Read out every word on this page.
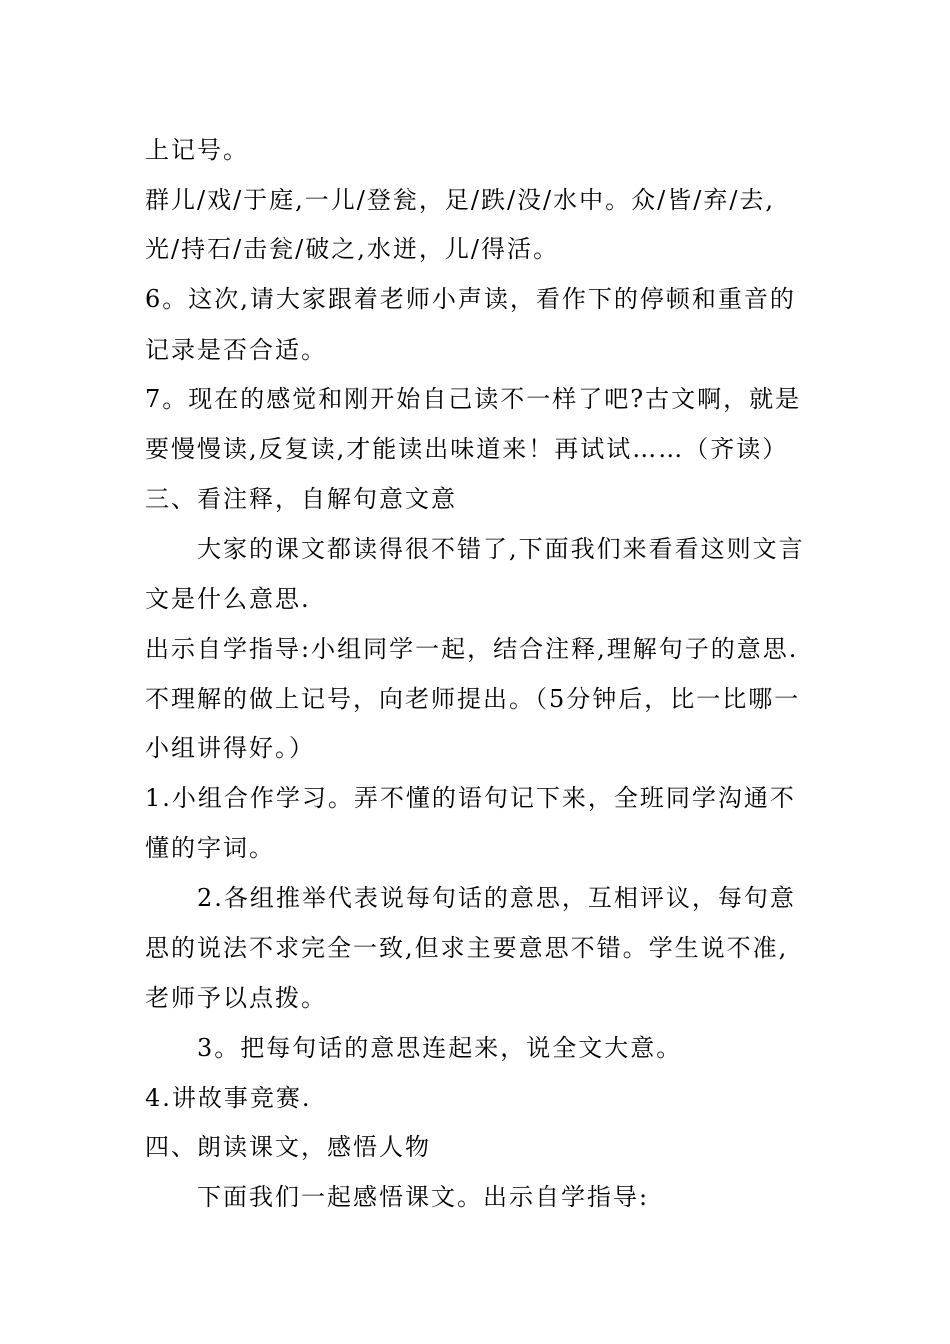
上记号。
群儿/戏/于庭,一儿/登瓮，足/跌/没/水中。众/皆/弃/去,
光/持石/击瓮/破之,水迸，儿/得活。
6。这次,请大家跟着老师小声读，看作下的停顿和重音的
记录是否合适。
7。现在的感觉和刚开始自己读不一样了吧?古文啊，就是
要慢慢读,反复读,才能读出味道来！再试试……（齐读）
三、看注释，自解句意文意
大家的课文都读得很不错了,下面我们来看看这则文言
文是什么意思.
出示自学指导:小组同学一起，结合注释,理解句子的意思.
不理解的做上记号，向老师提出。（5分钟后，比一比哪一
小组讲得好。）
1.小组合作学习。弄不懂的语句记下来，全班同学沟通不
懂的字词。
2.各组推举代表说每句话的意思，互相评议，每句意
思的说法不求完全一致,但求主要意思不错。学生说不准,
老师予以点拨。
3。把每句话的意思连起来，说全文大意。
4.讲故事竞赛.
四、朗读课文，感悟人物
下面我们一起感悟课文。出示自学指导:
